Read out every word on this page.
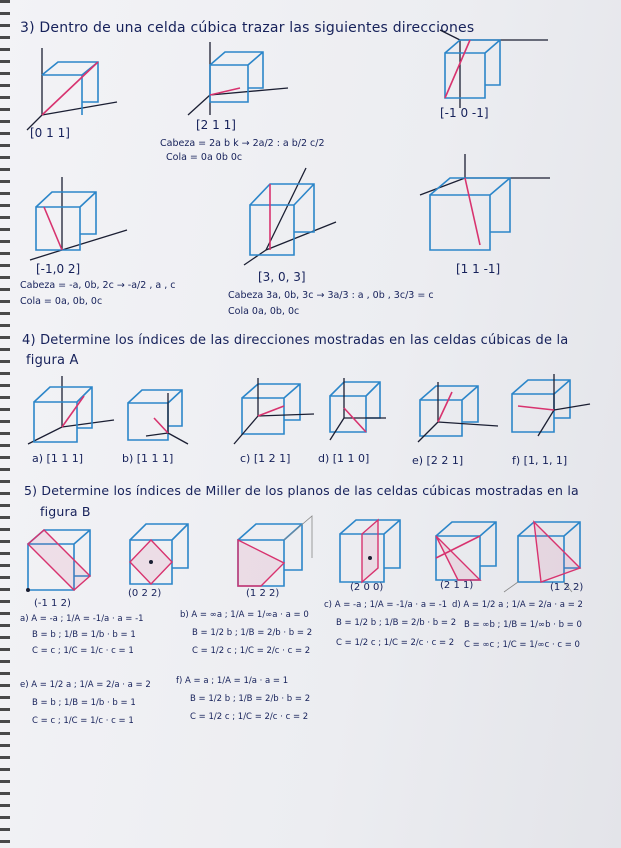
3) Dentro de una celda cúbica trazar las siguientes direcciones
[0 1 1]
[2 1 1]
[-1 0 -1]
Cabeza = 2a b k → 2a/2 : a b/2 c/2
Cola = 0a 0b 0c
[-1,0 2]
[3, 0, 3]
[1 1 -1]
Cabeza = -a, 0b, 2c → -a/2 , a , c
Cola = 0a, 0b, 0c
Cabeza 3a, 0b, 3c → 3a/3 : a , 0b , 3c/3 = c
Cola 0a, 0b, 0c
4) Determine los índices de las direcciones mostradas en las celdas cúbicas de la
figura A
a) [1 1 1]	b) [1 1 1]	c) [1 2 1]	d) [1 1 0]	e) [2 2 1]	f) [1, 1, 1]
5) Determine los índices de Miller de los planos de las celdas cúbicas mostradas en la
figura B
(-1 1 2)
(0 2 2)	(1 2 2)
(2 0 0)	(2 1 1)	(1 2 2)
a) A = -a ; 1/A = -1/a · a = -1
B = b ; 1/B = 1/b · b = 1
C = c ; 1/C = 1/c · c = 1
b) A = ∞a ; 1/A = 1/∞a · a = 0
B = 1/2 b ; 1/B = 2/b · b = 2
C = 1/2 c ; 1/C = 2/c · c = 2
c) A = -a ; 1/A = -1/a · a = -1
B = 1/2 b ; 1/B = 2/b · b = 2
C = 1/2 c ; 1/C = 2/c · c = 2
d) A = 1/2 a ; 1/A = 2/a · a = 2
B = ∞b ; 1/B = 1/∞b · b = 0
C = ∞c ; 1/C = 1/∞c · c = 0
e) A = 1/2 a ; 1/A = 2/a · a = 2
B = b ; 1/B = 1/b · b = 1
C = c ; 1/C = 1/c · c = 1
f) A = a ; 1/A = 1/a · a = 1
B = 1/2 b ; 1/B = 2/b · b = 2
C = 1/2 c ; 1/C = 2/c · c = 2
